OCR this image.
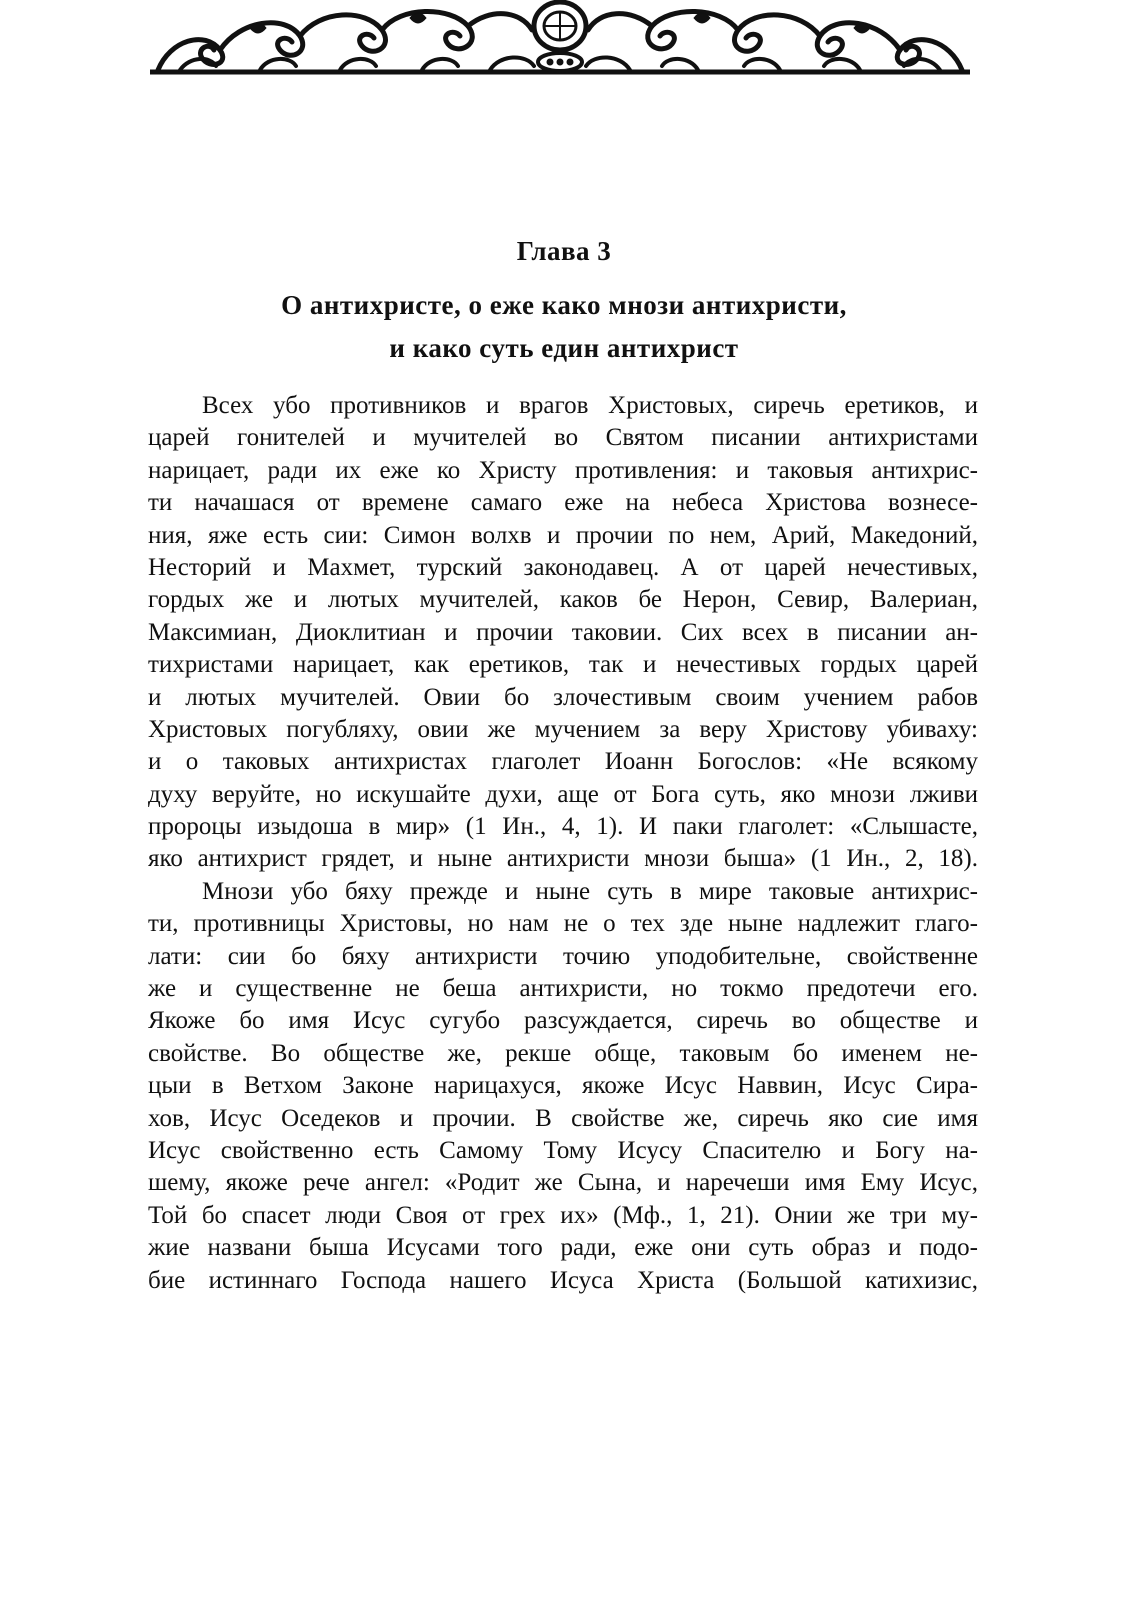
Глава 3
О антихристе, о еже како мнози антихристи,
и како суть един антихрист
Всех убо противников и врагов Христовых, сиречь еретиков, и
царей гонителей и мучителей во Святом писании антихристами
нарицает, ради их еже ко Христу противления: и таковыя антихрис-
ти начашася от времене самаго еже на небеса Христова вознесе-
ния, яже есть сии: Симон волхв и прочии по нем, Арий, Македоний,
Несторий и Махмет, турский законодавец. А от царей нечестивых,
гордых же и лютых мучителей, каков бе Нерон, Севир, Валериан,
Максимиан, Диоклитиан и прочии таковии. Сих всех в писании ан-
тихристами нарицает, как еретиков, так и нечестивых гордых царей
и лютых мучителей. Овии бо злочестивым своим учением рабов
Христовых погубляху, овии же мучением за веру Христову убиваху:
и о таковых антихристах глаголет Иоанн Богослов: «Не всякому
духу веруйте, но искушайте духи, аще от Бога суть, яко мнози лживи
пророцы изыдоша в мир» (1 Ин., 4, 1). И паки глаголет: «Слышасте,
яко антихрист грядет, и ныне антихристи мнози быша» (1 Ин., 2, 18).
Мнози убо бяху прежде и ныне суть в мире таковые антихрис-
ти, противницы Христовы, но нам не о тех зде ныне надлежит глаго-
лати: сии бо бяху антихристи точию уподобительне, свойственне
же и существенне не беша антихристи, но токмо предотечи его.
Якоже бо имя Исус сугубо разсуждается, сиречь во обществе и
свойстве. Во обществе же, рекше обще, таковым бо именем не-
цыи в Ветхом Законе нарицахуся, якоже Исус Наввин, Исус Сира-
хов, Исус Оседеков и прочии. В свойстве же, сиречь яко сие имя
Исус свойственно есть Самому Тому Исусу Спасителю и Богу на-
шему, якоже рече ангел: «Родит же Сына, и наречеши имя Ему Исус,
Той бо спасет люди Своя от грех их» (Мф., 1, 21). Онии же три му-
жие названи быша Исусами того ради, еже они суть образ и подо-
бие истиннаго Господа нашего Исуса Христа (Большой катихизис,
